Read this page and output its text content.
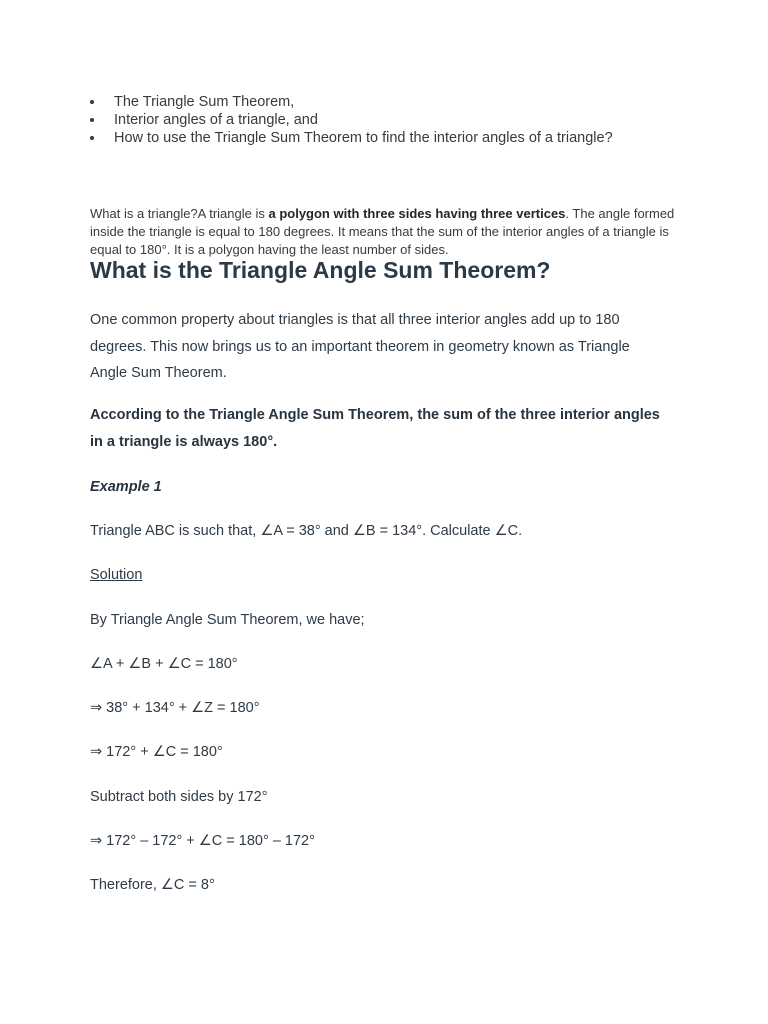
The Triangle Sum Theorem,
Interior angles of a triangle, and
How to use the Triangle Sum Theorem to find the interior angles of a triangle?

What is a triangle?A triangle is a polygon with three sides having three vertices. The angle formed inside the triangle is equal to 180 degrees. It means that the sum of the interior angles of a triangle is equal to 180°. It is a polygon having the least number of sides.

What is the Triangle Angle Sum Theorem?

One common property about triangles is that all three interior angles add up to 180 degrees. This now brings us to an important theorem in geometry known as Triangle Angle Sum Theorem.

According to the Triangle Angle Sum Theorem, the sum of the three interior angles in a triangle is always 180°.

Example 1

Triangle ABC is such that, ∠A = 38° and ∠B = 134°. Calculate ∠C.

Solution

By Triangle Angle Sum Theorem, we have;

∠A + ∠B + ∠C = 180°

⇒ 38° + 134° + ∠Z = 180°

⇒ 172° + ∠C = 180°

Subtract both sides by 172°

⇒ 172° – 172° + ∠C = 180° – 172°

Therefore, ∠C = 8°
